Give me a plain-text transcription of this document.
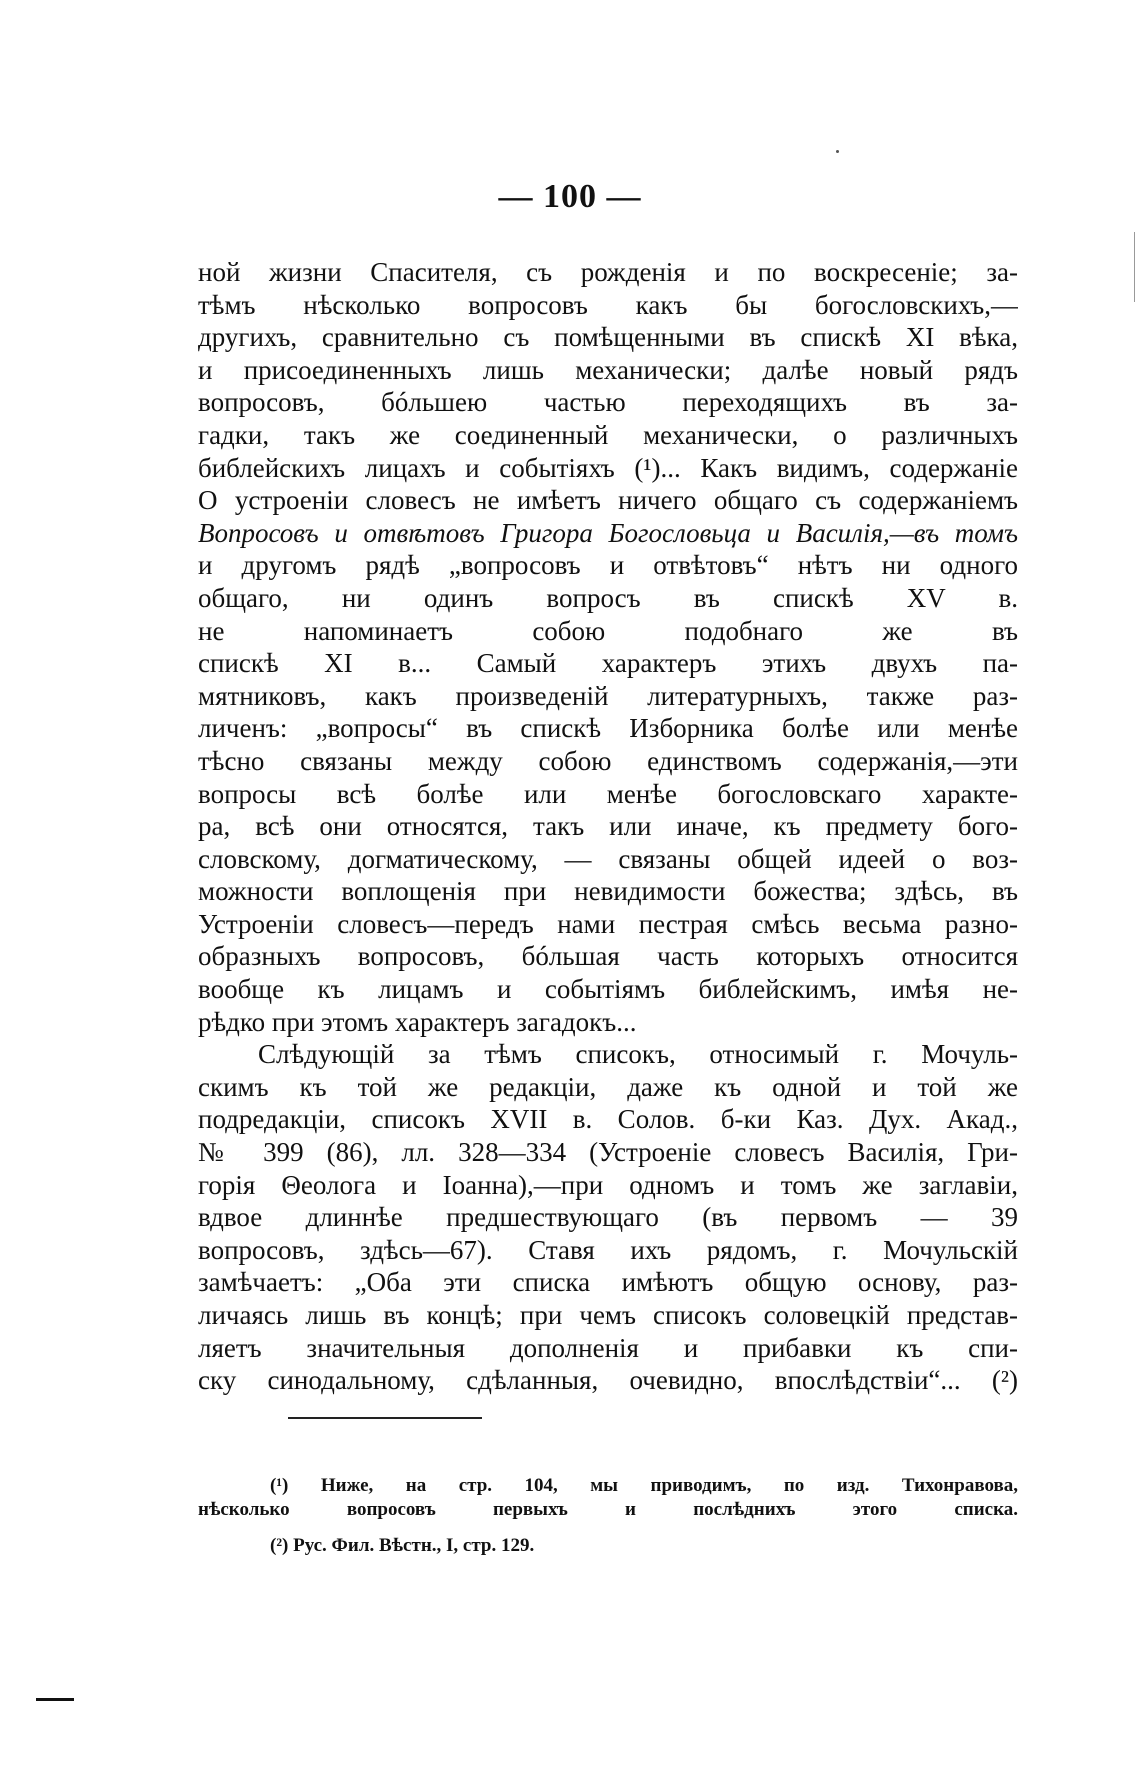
— 100 —
ной жизни Спасителя, съ рожденія и по воскресеніе; за-
тѣмъ нѣсколько вопросовъ какъ бы богословскихъ,—
другихъ, сравнительно съ помѣщенными въ спискѣ XI вѣка,
и присоединенныхъ лишь механически; далѣе новый рядъ
вопросовъ, бóльшею частью переходящихъ въ за-
гадки, такъ же соединенный механически, о различныхъ
библейскихъ лицахъ и событіяхъ (¹)... Какъ видимъ, содержаніе
О устроеніи словесъ не имѣетъ ничего общаго съ содержаніемъ
Вопросовъ и отвѣтовъ Григора Богословьца и Василія,—въ томъ
и другомъ рядѣ „вопросовъ и отвѣтовъ“ нѣтъ ни одного
общаго, ни одинъ вопросъ въ спискѣ XV в.
не напоминаетъ собою подобнаго же въ
спискѣ XI в... Самый характеръ этихъ двухъ па-
мятниковъ, какъ произведеній литературныхъ, также раз-
личенъ: „вопросы“ въ спискѣ Изборника болѣе или менѣе
тѣсно связаны между собою единствомъ содержанія,—эти
вопросы всѣ болѣе или менѣе богословскаго характе-
ра, всѣ они относятся, такъ или иначе, къ предмету бого-
словскому, догматическому, — связаны общей идеей о воз-
можности воплощенія при невидимости божества; здѣсь, въ
Устроеніи словесъ—передъ нами пестрая смѣсь весьма разно-
образныхъ вопросовъ, бóльшая часть которыхъ относится
вообще къ лицамъ и событіямъ библейскимъ, имѣя не-
рѣдко при этомъ характеръ загадокъ...
Слѣдующій за тѣмъ списокъ, относимый г. Мочуль-
скимъ къ той же редакціи, даже къ одной и той же
подредакціи, списокъ XVII в. Солов. б-ки Каз. Дух. Акад.,
№ 399 (86), лл. 328—334 (Устроеніе словесъ Василія, Гри-
горія Θеолога и Іоанна),—при одномъ и томъ же заглавіи,
вдвое длиннѣе предшествующаго (въ первомъ — 39
вопросовъ, здѣсь—67). Ставя ихъ рядомъ, г. Мочульскій
замѣчаетъ: „Оба эти списка имѣютъ общую основу, раз-
личаясь лишь въ концѣ; при чемъ списокъ соловецкій представ-
ляетъ значительныя дополненія и прибавки къ спи-
ску синодальному, сдѣланныя, очевидно, впослѣдствіи“... (²)
(¹) Ниже, на стр. 104, мы приводимъ, по изд. Тихонравова,
нѣсколько вопросовъ первыхъ и послѣднихъ этого списка.
(²) Рус. Фил. Вѣстн., I, стр. 129.
